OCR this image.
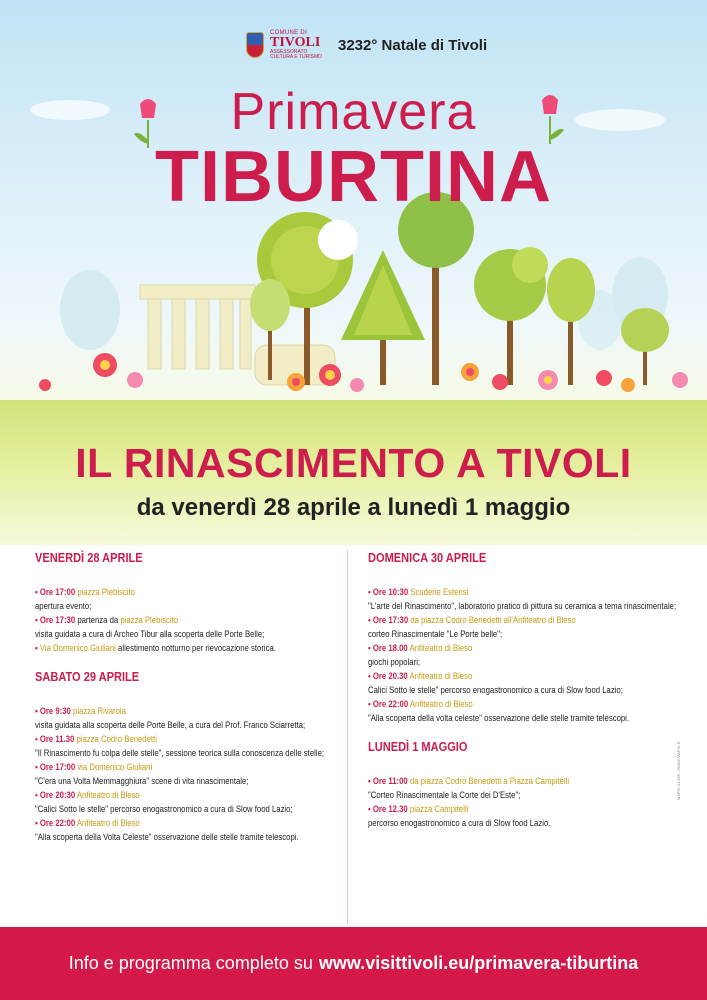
COMUNE DI
TIVOLI
ASSESSORATO
CULTURA E TURISMO
3232° Natale di Tivoli
Primavera
TIBURTINA
IL RINASCIMENTO A TIVOLI
da venerdì 28 aprile a lunedì 1 maggio
VENERDÌ 28 APRILE
• Ore 17:00 piazza Plebiscito
apertura evento;
• Ore 17:30 partenza da piazza Plebiscito
visita guidata a cura di Archeo Tibur alla scoperta delle Porte Belle;
• Via Domenico Giuliani allestimento notturno per rievocazione storica.
SABATO 29 APRILE
• Ore 9:30 piazza Rivarola
visita guidata alla scoperta delle Porte Belle, a cura del Prof. Franco Sciarretta;
• Ore 11.30 piazza Codro Benedetti
"Il Rinascimento fu colpa delle stelle", sessione teorica sulla conoscenza delle stelle;
• Ore 17:00 via Domenico Giuliani
"C'era una Volta Memmagghiura" scene di vita rinascimentale;
• Ore 20:30 Anfiteatro di Bleso
"Calici Sotto le stelle" percorso enogastronomico a cura di Slow food Lazio;
• Ore 22:00 Anfiteatro di Bleso
"Alla scoperta della Volta Celeste" osservazione delle stelle tramite telescopi.
DOMENICA 30 APRILE
• Ore 10:30 Scuderie Estensi
"L'arte del Rinascimento", laboratorio pratico di pittura su ceramica a tema rinascimentale;
• Ore 17:30 da piazza Codro Benedetti all'Anfiteatro di Bleso
corteo Rinascimentale "Le Porte belle";
• Ore 18.00 Anfiteatro di Bleso
giochi popolari;
• Ore 20.30 Anfiteatro di Bleso
Calici Sotto le stelle" percorso enogastronomico a cura di Slow food Lazio;
• Ore 22:00 Anfiteatro di Bleso
"Alla scoperta della volta celeste" osservazione delle stelle tramite telescopi.
LUNEDÌ 1 MAGGIO
• Ore 11:00 da piazza Codro Benedetti a Piazza Campitelli
"Corteo Rinascimentale la Corte dei D'Este";
• Ore 12.30 piazza Campitelli
percorso enogastronomico a cura di Slow food Lazio.
MAPIN 31.655 - WWW.MAPIN.IT
Info e programma completo su www.visittivoli.eu/primavera-tiburtina
